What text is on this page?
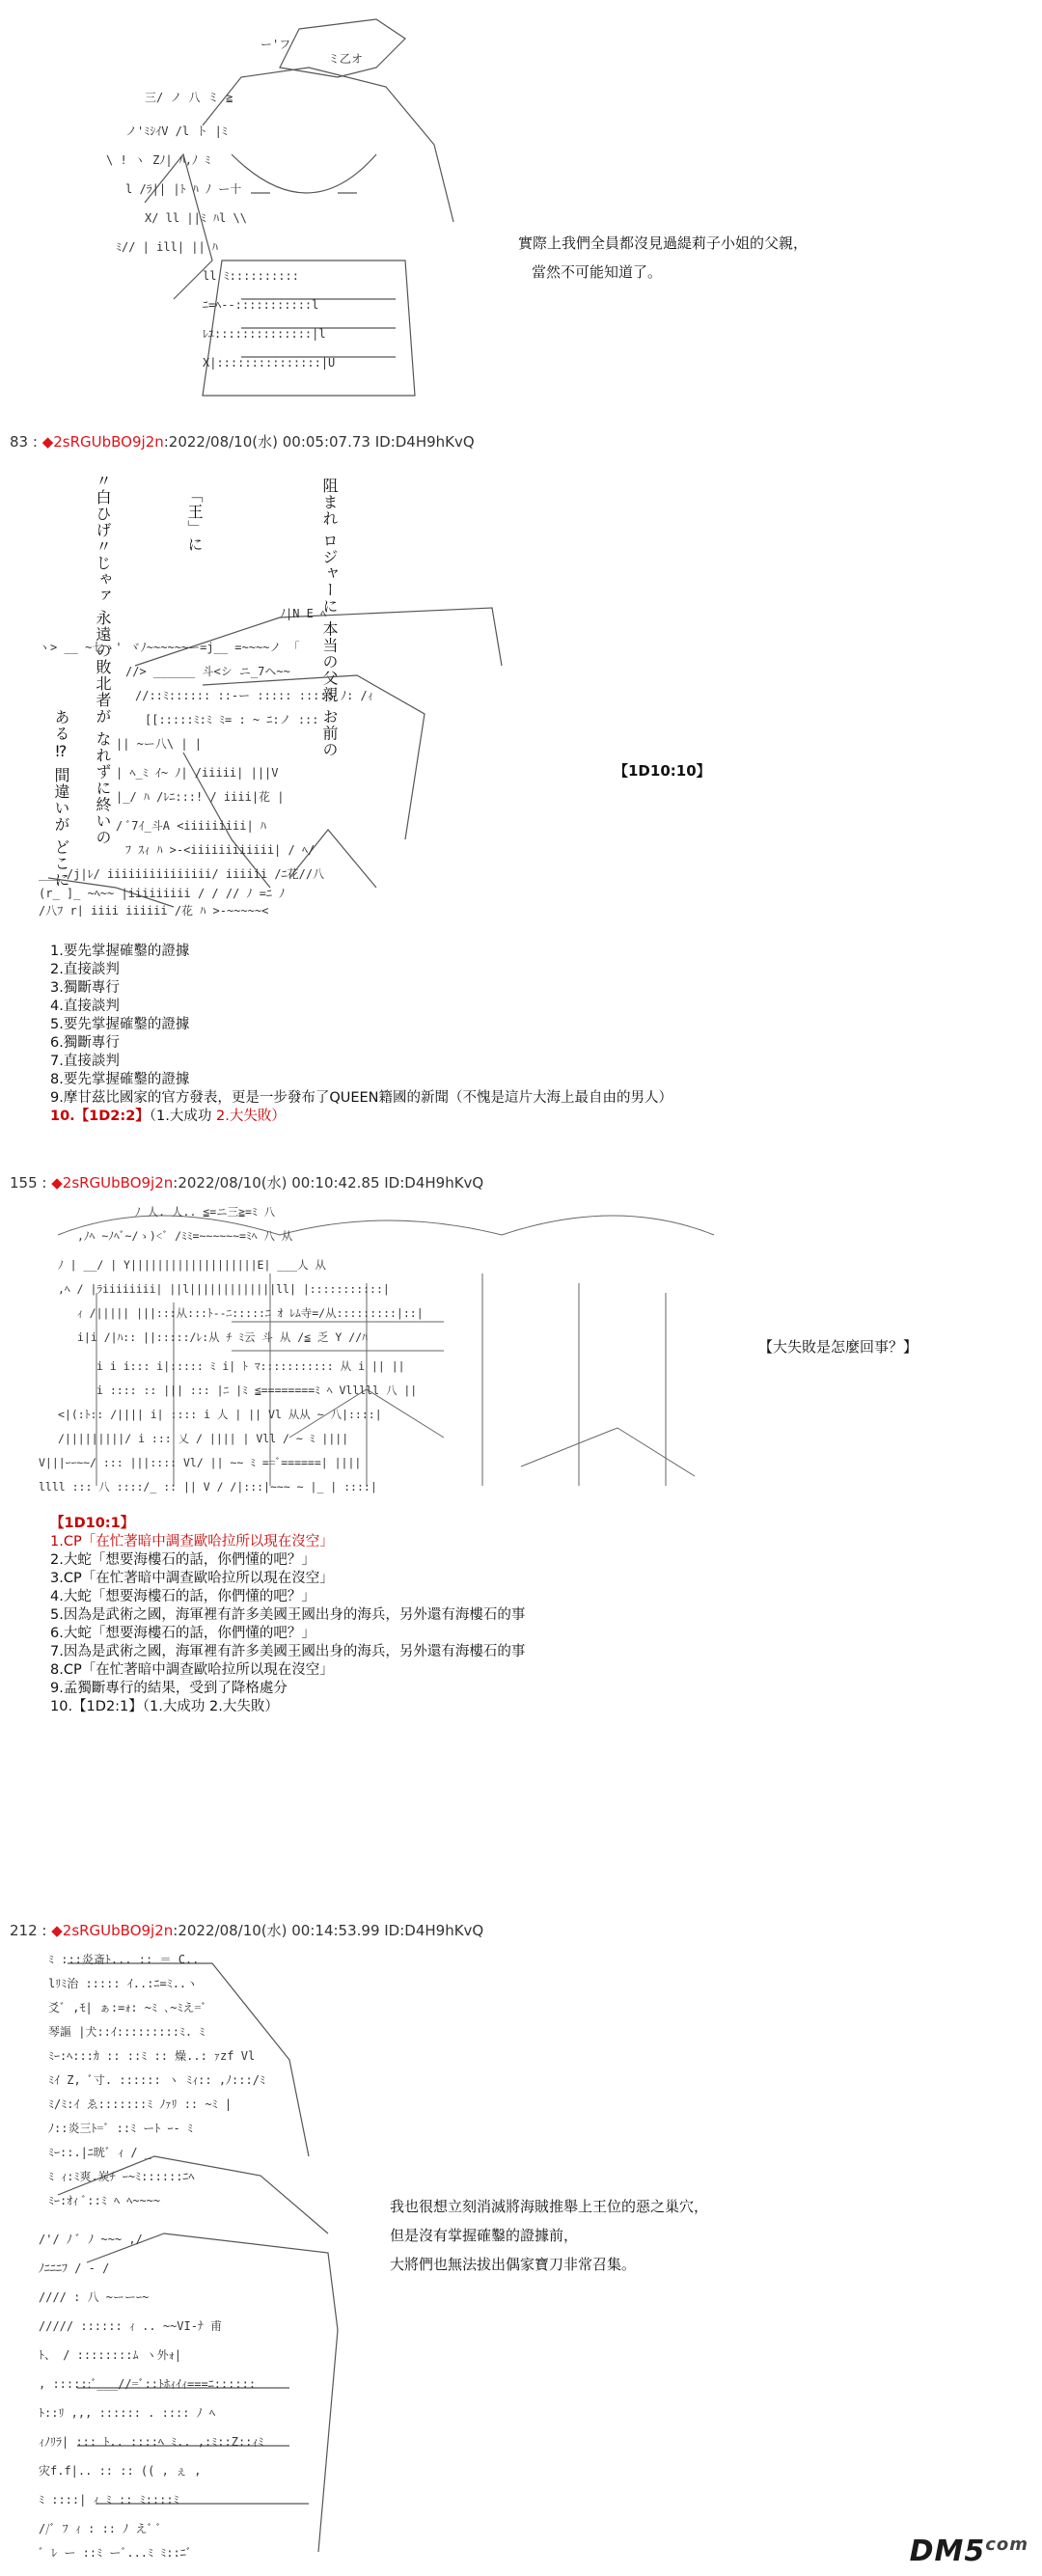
ー'フ
ミ乙オ
三/ ノ 八 ミ ≧
ノ'ﾐｼｲV /l ト |ﾐ
\ ! ヽ Zﾉ| ﾊ,ﾉ ﾐ
l /ﾗ|| |ﾄ ﾊ ﾉ ー十
X/ ll ||ﾐ ﾊl \\
ﾐ// | ill| || ﾊ
ll ﾐ::::::::::
ﾆ=ﾍ--:::::::::::l
ﾚﾕ::::::::::::::|l
X|:::::::::::::::|U

實際上我們全員都沒見過緹莉子小姐的父親，
當然不可能知道了。
83 : ◆2sRGUbBO9j2n:2022/08/10(水) 00:05:07.73 ID:D4H9hKvQ
〃白ひげ〃じゃァ 永遠の敗北者が なれずに終いの
「王」に	阻まれ ロジャーに 本当の父親 お前の
ある⁉ 間違いが どこに

ﾉ|N E ﾍ
ヽ> __ ~七ゝ' ヾﾉ~~~~~~ー=j__ =~~~~ノ 「
//> ______ 斗<シ ニ_7ヘ~~
//::ﾐ:::::: ::-ー ::::: ::::: ﾉ: /ｨ
[[:::::ﾐ:ﾐ ﾐ= : ~ ﾆ:ノ :::
|| ~ー八\ | |
| ﾍ_ﾐ ｲ~ ﾉ| /iiiii| |||V
|_/ ﾊ /ﾚﾆ:::! / iiii|花 |
/ ﾞ7ｲ_斗A <iiiiiiiii| ﾊ
ﾌ ｽｨ ﾊ >-<iiiiiiiiiiii| / ﾍ/
___ /j|ﾚ/ iiiiiiiiiiiiiii/ iiiiii /ﾆ花//八
(r_ ]_ ~ﾍ~~ |iiiiiiiii / / // ﾉ =ﾆ ﾉ
/八ﾌ r| iiii iiiiii /花 ﾊ >-~~~~~<

【1D10:10】
1.要先掌握確鑿的證據
2.直接談判
3.獨斷專行
4.直接談判
5.要先掌握確鑿的證據
6.獨斷專行
7.直接談判
8.要先掌握確鑿的證據
9.摩甘茲比國家的官方發表，更是一步發布了QUEEN籍國的新聞（不愧是這片大海上最自由的男人）
10.【1D2:2】（1.大成功 2.大失敗）
155 : ◆2sRGUbBO9j2n:2022/08/10(水) 00:10:42.85 ID:D4H9hKvQ

ﾉ 人. 人.. ≦=ニ三≧=ﾐ 八
,ﾉﾍ ~ﾉﾍﾞ~/ゝ)<ﾞ /ﾐﾐ=~~~~~~=ﾐﾍ 八 从
ﾉ | __/ | Y|||||||||||||||||||E| ___人 从
,ﾍ / |ﾗiiiiiiii| ||l|||||||||||||ll| |:::::::::::|
ｨ /||||| |||:::从:::ﾄ--ﾆ:::::ﾆ ｵ ﾚﾑ寺=/从:::::::::|::|
i|i /|ﾊ:: ||:::::/ﾚ:从 ﾁ ﾐ云 斗 从 /≦ 乏 Y //ﾊ
i i i::: i|::::: ﾐ i| ﾄ ﾏ::::::::::: 从 i || ||
i :::: :: ||| ::: |ﾆ |ﾐ ≦========ﾐ ﾍ Vlllll 八 ||
<|(:ﾄ:: /|||| i| :::: i 人 | || Vl 从从 ~ 八|::::|
/|||||||||/ i ::: 乂 / |||| | Vll / ~ ﾐ ||||
V|||ｰｰ~~/ ::: |||:::: Vl/ || ~~ ﾐ ==ﾞ======| ||||
llll ::: 八 ::::/_ :: || V / /|:::|~~~ ~ |_ | ::::|

【大失敗是怎麼回事？】
【1D10:1】
1.CP「在忙著暗中調查歐哈拉所以現在沒空」
2.大蛇「想要海樓石的話，你們懂的吧？」
3.CP「在忙著暗中調查歐哈拉所以現在沒空」
4.大蛇「想要海樓石的話，你們懂的吧？」
5.因為是武術之國，海軍裡有許多美國王國出身的海兵，另外還有海樓石的事
6.大蛇「想要海樓石的話，你們懂的吧？」
7.因為是武術之國，海軍裡有許多美國王國出身的海兵，另外還有海樓石的事
8.CP「在忙著暗中調查歐哈拉所以現在沒空」
9.孟獨斷專行的結果，受到了降格處分
10.【1D2:1】（1.大成功 2.大失敗）
212 : ◆2sRGUbBO9j2n:2022/08/10(水) 00:14:53.99 ID:D4H9hKvQ

ﾐ :::炎斎ﾄ... :: ＝ C..
lﾘﾐ治 ::::: ｲ..:ﾆ=ﾐ..ヽ
爻ﾞ ,ﾓ| ぁ:=ｫ: ~ﾐ ､~ﾐえ=ﾞ
琴謳 |犬::ｲ:::::::::ﾐ. ﾐ
ﾐｰ:ﾍ:::ｶ :: ::ﾐ :: 燥..: ｧzf Vl
ﾐｲ Z, ﾞ寸. :::::: ヽ ﾐｨ:: ,ﾉ:::/ﾐ
ﾐ/ﾐ:ｲ ゑ:::::::ﾐ ﾉｧﾘ :: ~ﾐ |
ﾉ::炎三ﾄ=ﾞ ::ﾐ ーﾄ ｰ- ﾐ
ﾐｰ::.|ﾆ晄ﾞ ｨ / _
ﾐ ｨ:ﾐ爽.炭ﾁ ｰ~ﾐ::::::ﾆﾍ
ﾐｰ:ｵｨ ﾞ::ﾐ ﾍ ﾍ~~~~
/'/ ﾉ ﾞ ﾉ ~~~ ,/
ﾉﾆﾆﾆﾌ / - /
//// : 八 ~ーーｰ~
///// :::::: ｨ .. ~~VI-ﾅ 甫
ﾄ、 / ::::::::ﾑ ヽ外ｫ|
, ::::::ﾞ___//=ﾞ::ﾄﾎｨｲｨ===ﾆ::::::
ﾄ::ﾘ ,,, :::::: . :::: ﾉ ﾍ
ｨﾉﾘﾗ| ::: ﾄ.. ::::ﾍ ﾐ.. ,:ﾐ::Z::ｨﾐ
灾f.f|.. :: :: (( , ぇ ,
ﾐ ::::| ｨ ﾐ :: ﾐ::::ﾐ
//ﾞ ﾌ ｨ : :: ﾉ えﾞ ﾞ
ﾞ ﾚ ー ::ﾐ ーﾞ...ﾐ ﾐ::ﾆﾞ

我也很想立刻消滅將海賊推舉上王位的惡之巢穴，
但是沒有掌握確鑿的證據前，
大將們也無法拔出偶家寶刀非常召集。
$DM5^{com}$
